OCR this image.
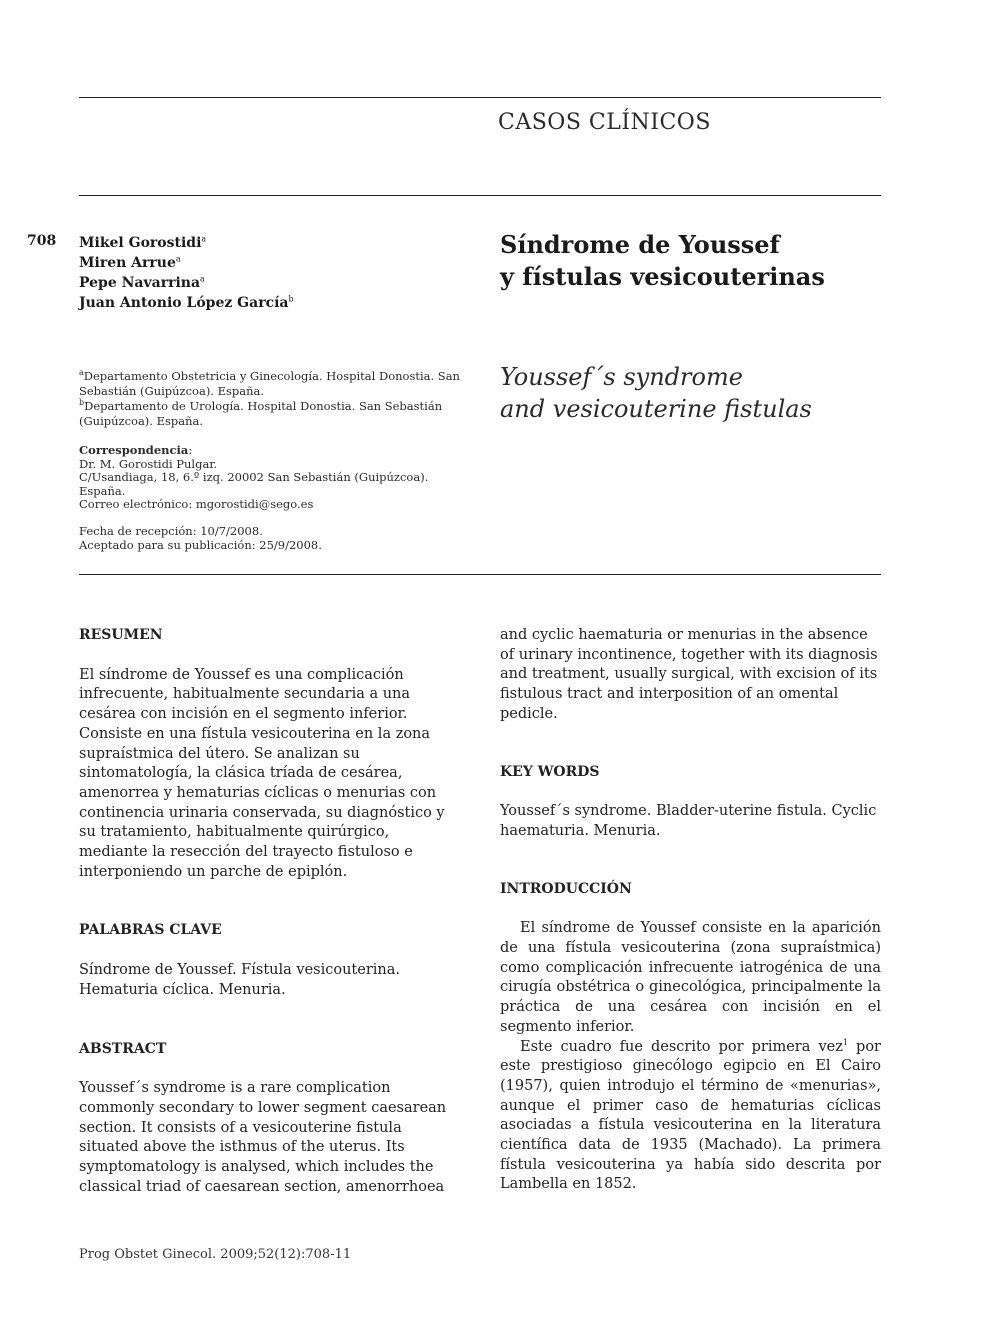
CASOS CLÍNICOS
708 Mikel Gorostidi$^a$
Miren Arrue$^a$
Pepe Navarrina$^a$
Juan Antonio López García$^b$
Síndrome de Youssef
y fístulas vesicouterinas
Youssef´s syndrome
and vesicouterine fistulas
$^a$Departamento Obstetricia y Ginecología. Hospital Donostia. San Sebastián (Guipúzcoa). España.
$^b$Departamento de Urología. Hospital Donostia. San Sebastián (Guipúzcoa). España.
Correspondencia:
Dr. M. Gorostidi Pulgar.
C/Usandiaga, 18, 6.º izq. 20002 San Sebastián (Guipúzcoa). España.
Correo electrónico: mgorostidi@sego.es
Fecha de recepción: 10/7/2008.
Aceptado para su publicación: 25/9/2008.
RESUMEN

El síndrome de Youssef es una complicación infrecuente, habitualmente secundaria a una cesárea con incisión en el segmento inferior. Consiste en una fístula vesicouterina en la zona supraístmica del útero. Se analizan su sintomatología, la clásica tríada de cesárea, amenorrea y hematurias cíclicas o menurias con continencia urinaria conservada, su diagnóstico y su tratamiento, habitualmente quirúrgico, mediante la resección del trayecto fistuloso e interponiendo un parche de epiplón.

PALABRAS CLAVE

Síndrome de Youssef. Fístula vesicouterina. Hematuria cíclica. Menuria.

ABSTRACT

Youssef´s syndrome is a rare complication commonly secondary to lower segment caesarean section. It consists of a vesicouterine fistula situated above the isthmus of the uterus. Its symptomatology is analysed, which includes the classical triad of caesarean section, amenorrhoea

and cyclic haematuria or menurias in the absence of urinary incontinence, together with its diagnosis and treatment, usually surgical, with excision of its fistulous tract and interposition of an omental pedicle.

KEY WORDS

Youssef´s syndrome. Bladder-uterine fistula. Cyclic haematuria. Menuria.

INTRODUCCIÓN

El síndrome de Youssef consiste en la aparición de una fístula vesicouterina (zona supraístmica) como complicación infrecuente iatrogénica de una cirugía obstétrica o ginecológica, principalmente la práctica de una cesárea con incisión en el segmento inferior.

Este cuadro fue descrito por primera vez$^1$ por este prestigioso ginecólogo egipcio en El Cairo (1957), quien introdujo el término de «menurias», aunque el primer caso de hematurias cíclicas asociadas a fístula vesicouterina en la literatura científica data de 1935 (Machado). La primera fístula vesicouterina ya había sido descrita por Lambella en 1852.

Prog Obstet Ginecol. 2009;52(12):708-11
